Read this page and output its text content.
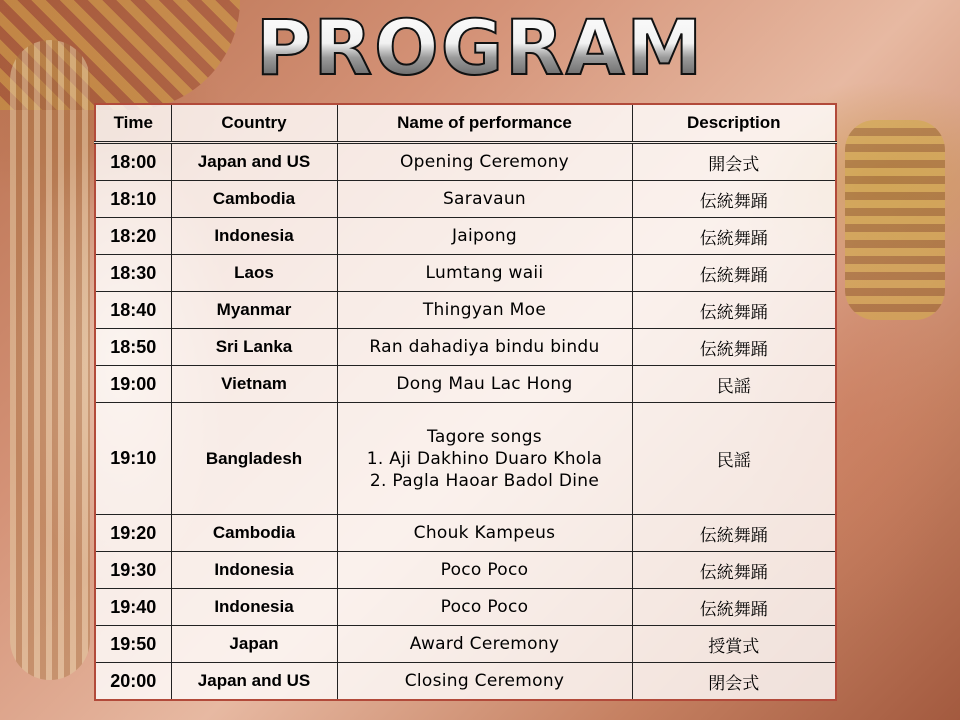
PROGRAM
Time	Country	Name of performance	Description
18:00	Japan and US	Opening Ceremony	開会式
18:10	Cambodia	Saravaun	伝統舞踊
18:20	Indonesia	Jaipong	伝統舞踊
18:30	Laos	Lumtang waii	伝統舞踊
18:40	Myanmar	Thingyan Moe	伝統舞踊
18:50	Sri Lanka	Ran dahadiya bindu bindu	伝統舞踊
19:00	Vietnam	Dong Mau Lac Hong	民謡
19:10	Bangladesh	Tagore songs
1. Aji Dakhino Duaro Khola
2. Pagla Haoar Badol Dine	民謡
19:20	Cambodia	Chouk Kampeus	伝統舞踊
19:30	Indonesia	Poco Poco	伝統舞踊
19:40	Indonesia	Poco Poco	伝統舞踊
19:50	Japan	Award Ceremony	授賞式
20:00	Japan and US	Closing Ceremony	閉会式
